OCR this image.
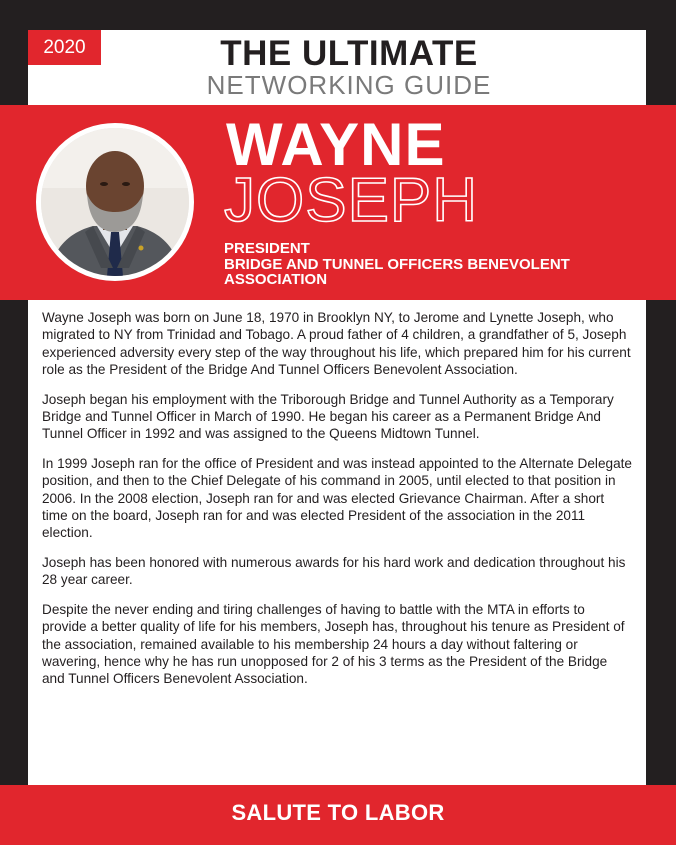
2020	THE ULTIMATE
NETWORKING GUIDE
WAYNE
JOSEPH
PRESIDENT
BRIDGE AND TUNNEL OFFICERS BENEVOLENT
ASSOCIATION

Wayne Joseph was born on June 18, 1970 in Brooklyn NY, to Jerome and Lynette Joseph, who migrated to NY from Trinidad and Tobago. A proud father of 4 children, a grandfather of 5, Joseph experienced adversity every step of the way throughout his life, which prepared him for his current role as the President of the Bridge And Tunnel Officers Benevolent Association.

Joseph began his employment with the Triborough Bridge and Tunnel Authority as a Temporary Bridge and Tunnel Officer in March of 1990. He began his career as a Permanent Bridge And Tunnel Officer in 1992 and was assigned to the Queens Midtown Tunnel.

In 1999 Joseph ran for the office of President and was instead appointed to the Alternate Delegate position, and then to the Chief Delegate of his command in 2005, until elected to that position in 2006. In the 2008 election, Joseph ran for and was elected Grievance Chairman. After a short time on the board, Joseph ran for and was elected President of the association in the 2011 election.

Joseph has been honored with numerous awards for his hard work and dedication throughout his 28 year career.

Despite the never ending and tiring challenges of having to battle with the MTA in efforts to provide a better quality of life for his members, Joseph has, throughout his tenure as President of the association, remained available to his membership 24 hours a day without faltering or wavering, hence why he has run unopposed for 2 of his 3 terms as the President of the Bridge and Tunnel Officers Benevolent Association.

SALUTE TO LABOR
